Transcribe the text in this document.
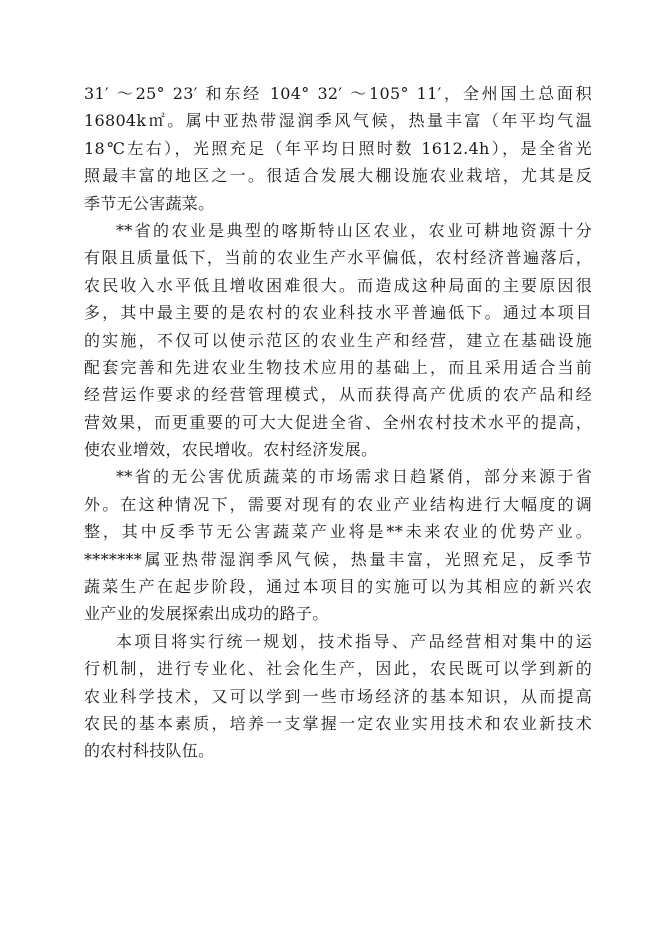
31′ ～25° 23′ 和东经 104° 32′ ～105° 11′，全州国土总面积
16804k㎡。属中亚热带湿润季风气候，热量丰富（年平均气温
18℃左右），光照充足（年平均日照时数 1612.4h），是全省光
照最丰富的地区之一。很适合发展大棚设施农业栽培，尤其是反
季节无公害蔬菜。
**省的农业是典型的喀斯特山区农业，农业可耕地资源十分
有限且质量低下，当前的农业生产水平偏低，农村经济普遍落后，
农民收入水平低且增收困难很大。而造成这种局面的主要原因很
多，其中最主要的是农村的农业科技水平普遍低下。通过本项目
的实施，不仅可以使示范区的农业生产和经营，建立在基础设施
配套完善和先进农业生物技术应用的基础上，而且采用适合当前
经营运作要求的经营管理模式，从而获得高产优质的农产品和经
营效果，而更重要的可大大促进全省、全州农村技术水平的提高，
使农业增效，农民增收。农村经济发展。
**省的无公害优质蔬菜的市场需求日趋紧俏，部分来源于省
外。在这种情况下，需要对现有的农业产业结构进行大幅度的调
整，其中反季节无公害蔬菜产业将是**未来农业的优势产业。
*******属亚热带湿润季风气候，热量丰富，光照充足，反季节
蔬菜生产在起步阶段，通过本项目的实施可以为其相应的新兴农
业产业的发展探索出成功的路子。
本项目将实行统一规划，技术指导、产品经营相对集中的运
行机制，进行专业化、社会化生产，因此，农民既可以学到新的
农业科学技术，又可以学到一些市场经济的基本知识，从而提高
农民的基本素质，培养一支掌握一定农业实用技术和农业新技术
的农村科技队伍。
